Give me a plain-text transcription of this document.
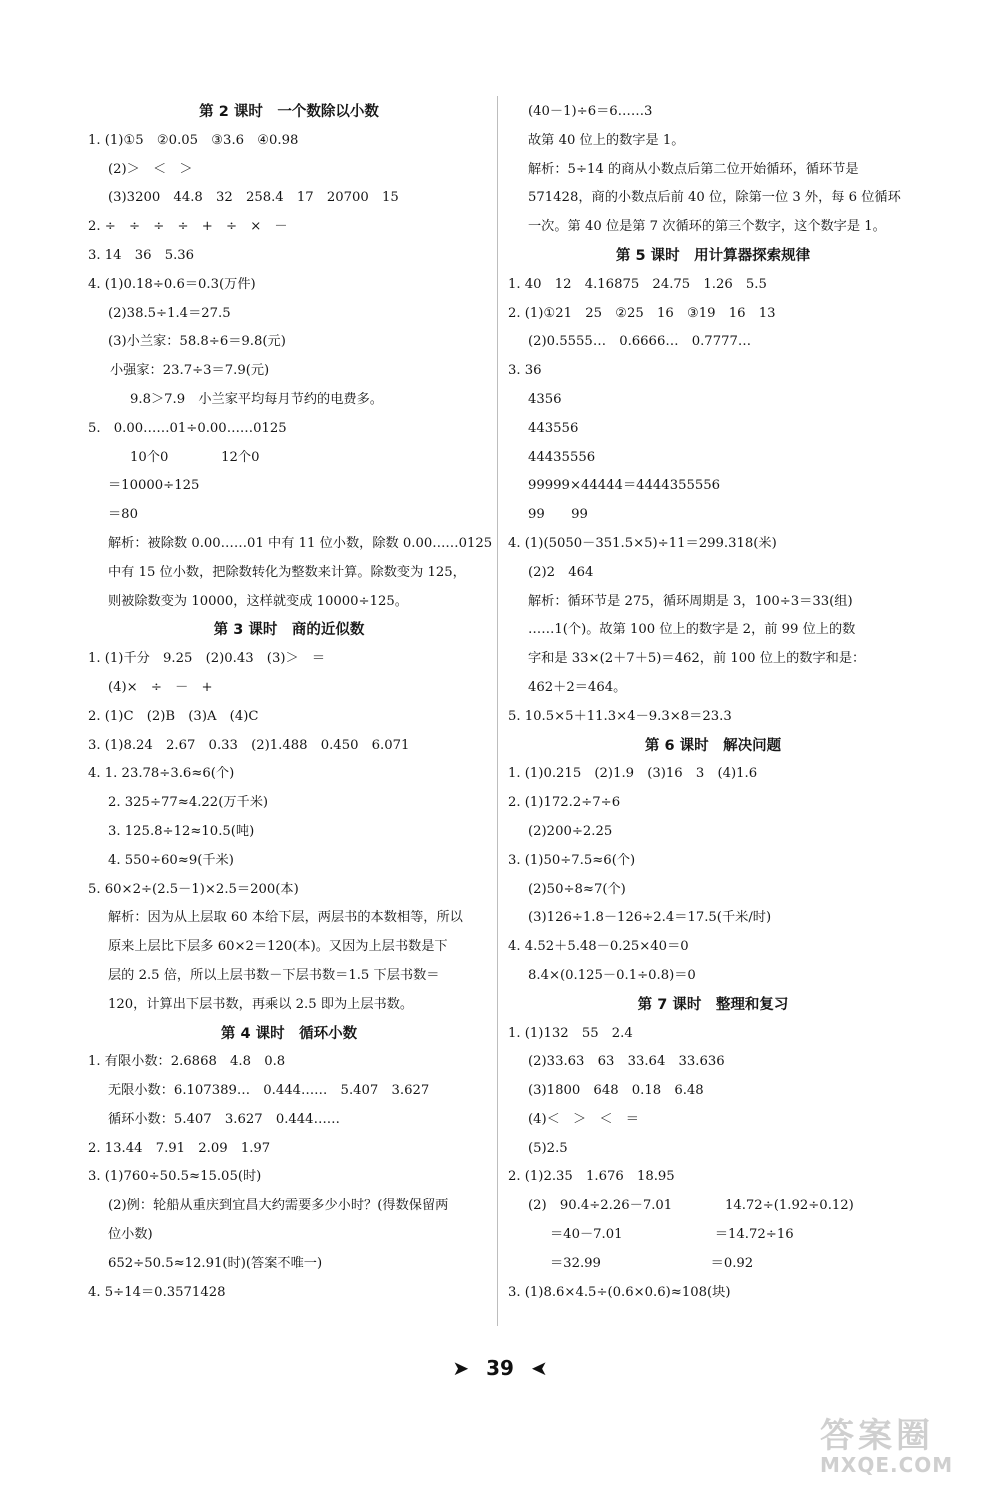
第 2 课时　一个数除以小数
1. (1)①5　②0.05　③3.6　④0.98
(2)＞　＜　＞
(3)3200　44.8　32　258.4　17　20700　15
2. ÷　÷　÷　÷　+　÷　×　－
3. 14　36　5.36
4. (1)0.18÷0.6＝0.3(万件)
(2)38.5÷1.4＝27.5
(3)小兰家：58.8÷6＝9.8(元)
小强家：23.7÷3＝7.9(元)
9.8＞7.9　小兰家平均每月节约的电费多。
5.　0.00……01÷0.00……0125
10个0　　　　12个0
＝10000÷125
＝80
解析：被除数 0.00……01 中有 11 位小数，除数 0.00……0125
中有 15 位小数，把除数转化为整数来计算。除数变为 125，
则被除数变为 10000，这样就变成 10000÷125。
第 3 课时　商的近似数
1. (1)千分　9.25　(2)0.43　(3)＞　＝
(4)×　÷　－　+
2. (1)C　(2)B　(3)A　(4)C
3. (1)8.24　2.67　0.33　(2)1.488　0.450　6.071
4. 1. 23.78÷3.6≈6(个)
2. 325÷77≈4.22(万千米)
3. 125.8÷12≈10.5(吨)
4. 550÷60≈9(千米)
5. 60×2÷(2.5－1)×2.5＝200(本)
解析：因为从上层取 60 本给下层，两层书的本数相等，所以
原来上层比下层多 60×2＝120(本)。又因为上层书数是下
层的 2.5 倍，所以上层书数－下层书数＝1.5 下层书数＝
120，计算出下层书数，再乘以 2.5 即为上层书数。
第 4 课时　循环小数
1. 有限小数：2.6868　4.8　0.8
无限小数：6.107389…　0.444……　5.407　3.627
循环小数：5.407　3.627　0.444……
2. 13.44　7.91　2.09　1.97
3. (1)760÷50.5≈15.05(时)
(2)例：轮船从重庆到宜昌大约需要多少小时？(得数保留两
位小数)
652÷50.5≈12.91(时)(答案不唯一)
4. 5÷14＝0.3571428
(40－1)÷6＝6……3
故第 40 位上的数字是 1。
解析：5÷14 的商从小数点后第二位开始循环，循环节是
571428，商的小数点后前 40 位，除第一位 3 外，每 6 位循环
一次。第 40 位是第 7 次循环的第三个数字，这个数字是 1。
第 5 课时　用计算器探索规律
1. 40　12　4.16875　24.75　1.26　5.5
2. (1)①21　25　②25　16　③19　16　13
(2)0.5555…　0.6666…　0.7777…
3. 36
4356
443556
44435556
99999×44444＝4444355556
99　　99
4. (1)(5050－351.5×5)÷11＝299.318(米)
(2)2　464
解析：循环节是 275，循环周期是 3，100÷3＝33(组)
……1(个)。故第 100 位上的数字是 2，前 99 位上的数
字和是 33×(2＋7＋5)＝462，前 100 位上的数字和是：
462＋2＝464。
5. 10.5×5＋11.3×4－9.3×8＝23.3
第 6 课时　解决问题
1. (1)0.215　(2)1.9　(3)16　3　(4)1.6
2. (1)172.2÷7÷6
(2)200÷2.25
3. (1)50÷7.5≈6(个)
(2)50÷8≈7(个)
(3)126÷1.8－126÷2.4＝17.5(千米/时)
4. 4.52＋5.48－0.25×40＝0
8.4×(0.125－0.1÷0.8)＝0
第 7 课时　整理和复习
1. (1)132　55　2.4
(2)33.63　63　33.64　33.636
(3)1800　648　0.18　6.48
(4)＜　＞　＜　＝
(5)2.5
2. (1)2.35　1.676　18.95
(2)　90.4÷2.26－7.01　　　　14.72÷(1.92÷0.12)
＝40－7.01　　　　　　　＝14.72÷16
＝32.99　　　　　　　　 ＝0.92
3. (1)8.6×4.5÷(0.6×0.6)≈108(块)
➤ 39 ➤
答案圈
MXQE.COM
